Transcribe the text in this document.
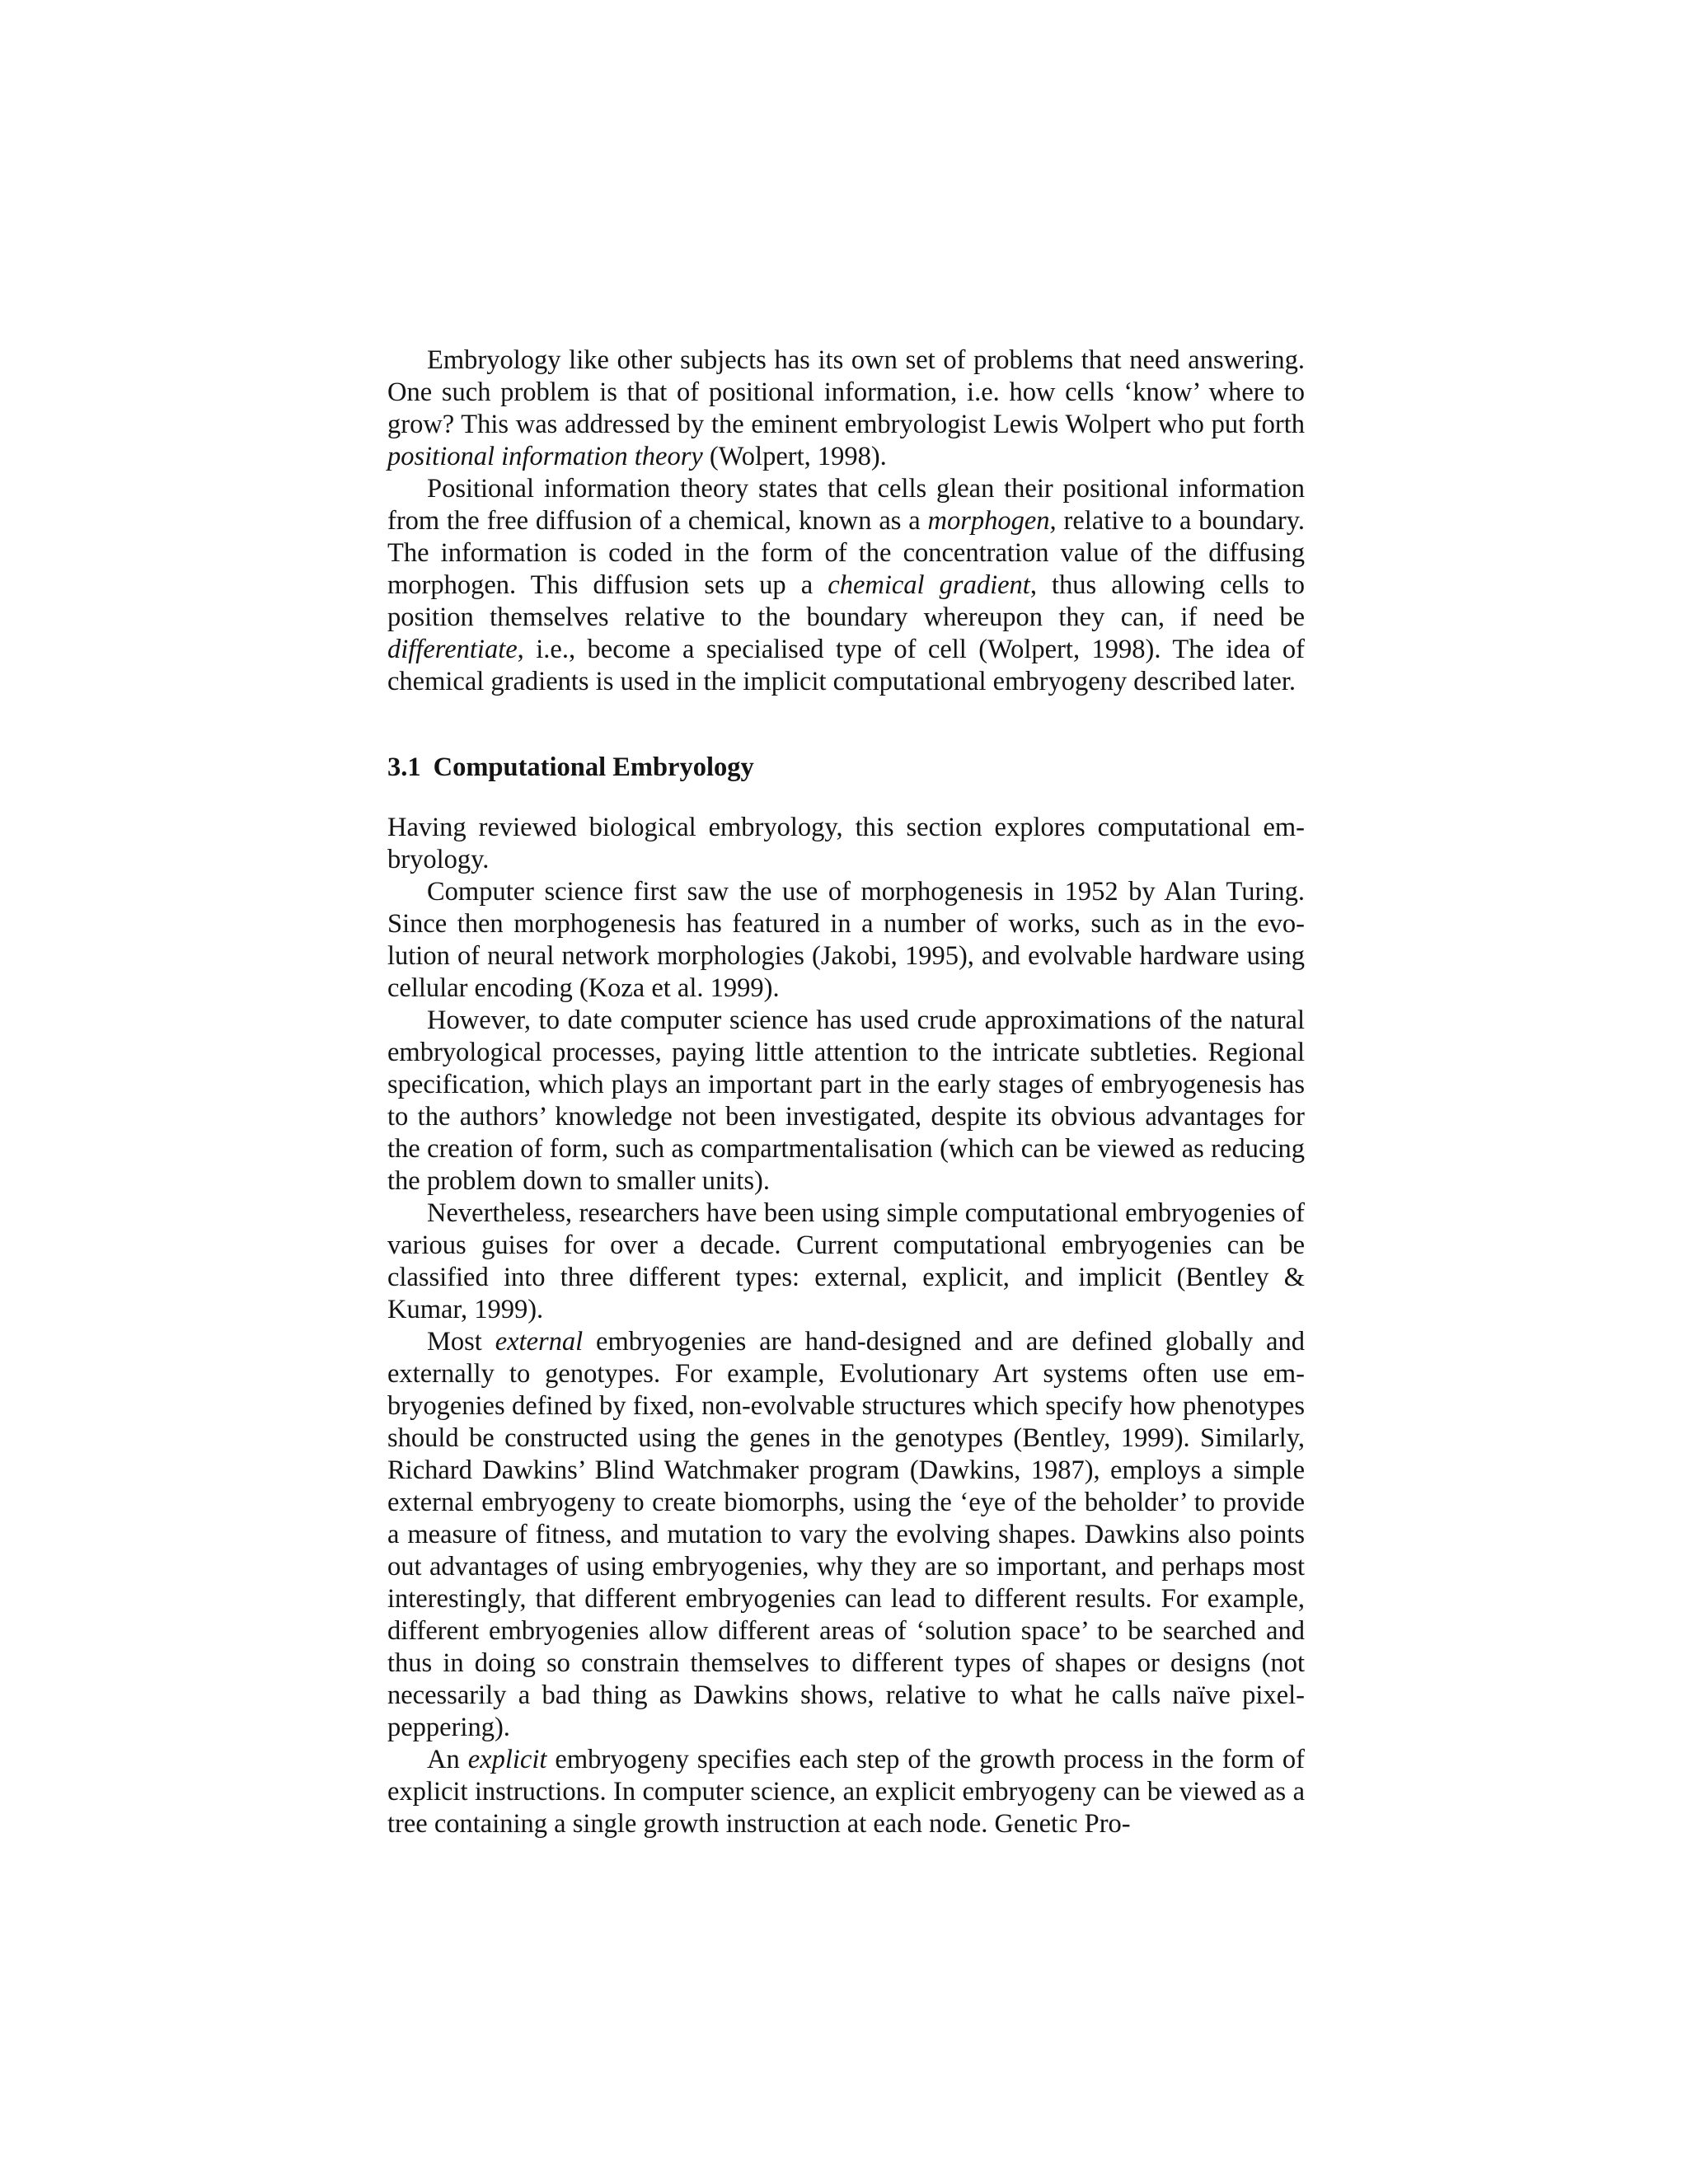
Embryology like other subjects has its own set of problems that need answering. One such problem is that of positional information, i.e. how cells ‘know’ where to grow? This was addressed by the eminent embryologist Lewis Wolpert who put forth positional information theory (Wolpert, 1998).

Positional information theory states that cells glean their positional information from the free diffusion of a chemical, known as a morphogen, relative to a boundary. The information is coded in the form of the concentration value of the diffusing morphogen. This diffusion sets up a chemical gradient, thus allowing cells to position themselves relative to the boundary whereupon they can, if need be differentiate, i.e., become a specialised type of cell (Wolpert, 1998). The idea of chemical gradients is used in the implicit computational embryogeny described later.

3.1 Computational Embryology

Having reviewed biological embryology, this section explores computational embryology.

Computer science first saw the use of morphogenesis in 1952 by Alan Turing. Since then morphogenesis has featured in a number of works, such as in the evolution of neural network morphologies (Jakobi, 1995), and evolvable hardware using cellular encoding (Koza et al. 1999).

However, to date computer science has used crude approximations of the natural embryological processes, paying little attention to the intricate subtleties. Regional specification, which plays an important part in the early stages of embryogenesis has to the authors’ knowledge not been investigated, despite its obvious advantages for the creation of form, such as compartmentalisation (which can be viewed as reducing the problem down to smaller units).

Nevertheless, researchers have been using simple computational embryogenies of various guises for over a decade. Current computational embryogenies can be classified into three different types: external, explicit, and implicit (Bentley & Kumar, 1999).

Most external embryogenies are hand-designed and are defined globally and externally to genotypes. For example, Evolutionary Art systems often use embryogenies defined by fixed, non-evolvable structures which specify how phenotypes should be constructed using the genes in the genotypes (Bentley, 1999). Similarly, Richard Dawkins’ Blind Watchmaker program (Dawkins, 1987), employs a simple external embryogeny to create biomorphs, using the ‘eye of the beholder’ to provide a measure of fitness, and mutation to vary the evolving shapes. Dawkins also points out advantages of using embryogenies, why they are so important, and perhaps most interestingly, that different embryogenies can lead to different results. For example, different embryogenies allow different areas of ‘solution space’ to be searched and thus in doing so constrain themselves to different types of shapes or designs (not necessarily a bad thing as Dawkins shows, relative to what he calls naïve pixel-peppering).

An explicit embryogeny specifies each step of the growth process in the form of explicit instructions. In computer science, an explicit embryogeny can be viewed as a tree containing a single growth instruction at each node. Genetic Pro-
